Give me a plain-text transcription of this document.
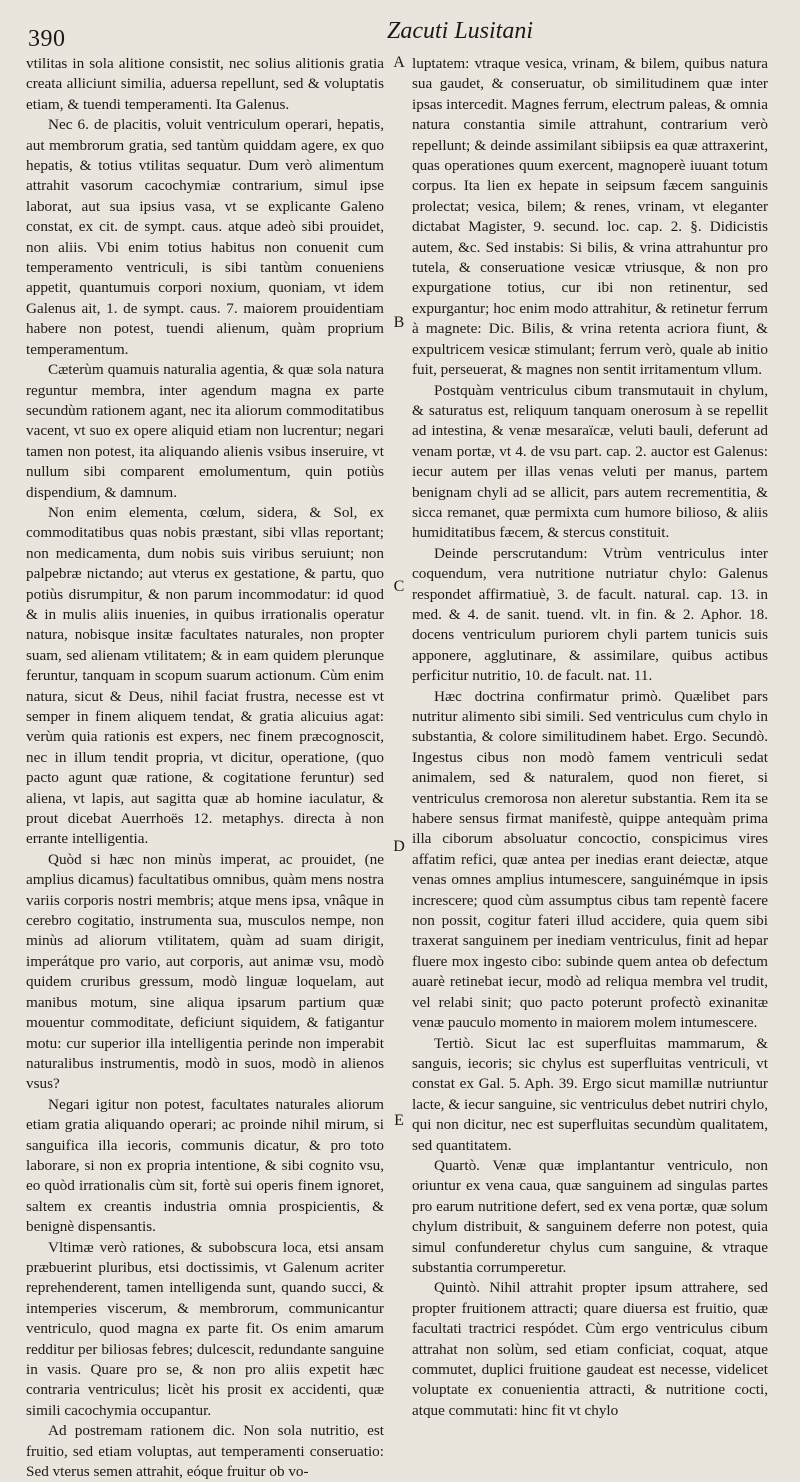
390	Zacuti Lusitani

vtilitas in sola alitione consistit, nec solius alitionis gratia creata alliciunt similia, aduersa repellunt, sed & voluptatis etiam, & tuendi temperamenti. Ita Galenus.

Nec 6. de placitis, voluit ventriculum operari, hepatis, aut membrorum gratia, sed tantùm quiddam agere, ex quo hepatis, & totius vtilitas sequatur. Dum verò alimentum attrahit vasorum cacochymiæ contrarium, simul ipse laborat, aut sua ipsius vasa, vt se explicante Galeno constat, ex cit. de sympt. caus. atque adeò sibi prouidet, non aliis. Vbi enim totius habitus non conuenit cum temperamento ventriculi, is sibi tantùm conueniens appetit, quantumuis corpori noxium, quoniam, vt idem Galenus ait, 1. de sympt. caus. 7. maiorem prouidentiam habere non potest, tuendi alienum, quàm proprium temperamentum.

Cæterùm quamuis naturalia agentia, & quæ sola natura reguntur membra, inter agendum magna ex parte secundùm rationem agant, nec ita aliorum commoditatibus vacent, vt suo ex opere aliquid etiam non lucrentur; negari tamen non potest, ita aliquando alienis vsibus inseruire, vt nullum sibi comparent emolumentum, quin potiùs dispendium, & damnum.

Non enim elementa, cœlum, sidera, & Sol, ex commoditatibus quas nobis præstant, sibi vllas reportant; non medicamenta, dum nobis suis viribus seruiunt; non palpebræ nictando; aut vterus ex gestatione, & partu, quo potiùs disrumpitur, & non parum incommodatur: id quod & in mulis aliis inuenies, in quibus irrationalis operatur natura, nobisque insitæ facultates naturales, non propter suam, sed alienam vtilitatem; & in eam quidem plerunque feruntur, tanquam in scopum suarum actionum. Cùm enim natura, sicut & Deus, nihil faciat frustra, necesse est vt semper in finem aliquem tendat, & gratia alicuius agat: verùm quia rationis est expers, nec finem præcognoscit, nec in illum tendit propria, vt dicitur, operatione, (quo pacto agunt quæ ratione, & cogitatione feruntur) sed aliena, vt lapis, aut sagitta quæ ab homine iaculatur, & prout dicebat Auerrhoës 12. metaphys. directa à non errante intelligentia.

Quòd si hæc non minùs imperat, ac prouidet, (ne amplius dicamus) facultatibus omnibus, quàm mens nostra variis corporis nostri membris; atque mens ipsa, vnâque in cerebro cogitatio, instrumenta sua, musculos nempe, non minùs ad aliorum vtilitatem, quàm ad suam dirigit, imperátque pro vario, aut corporis, aut animæ vsu, modò quidem cruribus gressum, modò linguæ loquelam, aut manibus motum, sine aliqua ipsarum partium quæ mouentur commoditate, deficiunt siquidem, & fatigantur motu: cur superior illa intelligentia perinde non imperabit naturalibus instrumentis, modò in suos, modò in alienos vsus?

Negari igitur non potest, facultates naturales aliorum etiam gratia aliquando operari; ac proinde nihil mirum, si sanguifica illa iecoris, communis dicatur, & pro toto laborare, si non ex propria intentione, & sibi cognito vsu, eo quòd irrationalis cùm sit, fortè sui operis finem ignoret, saltem ex creantis industria omnia prospicientis, & benignè dispensantis.

Vltimæ verò rationes, & subobscura loca, etsi ansam præbuerint pluribus, etsi doctissimis, vt Galenum acriter reprehenderent, tamen intelligenda sunt, quando succi, & intemperies viscerum, & membrorum, communicantur ventriculo, quod magna ex parte fit. Os enim amarum redditur per biliosas febres; dulcescit, redundante sanguine in vasis. Quare pro se, & non pro aliis expetit hæc contraria ventriculus; licèt his prosit ex accidenti, quæ simili cacochymia occupantur.

Ad postremam rationem dic. Non sola nutritio, est fruitio, sed etiam voluptas, aut temperamenti conseruatio: Sed vterus semen attrahit, eóque fruitur ob vo-

A
B
C
D
E

luptatem: vtraque vesica, vrinam, & bilem, quibus natura sua gaudet, & conseruatur, ob similitudinem quæ inter ipsas intercedit. Magnes ferrum, electrum paleas, & omnia natura constantia simile attrahunt, contrarium verò repellunt; & deinde assimilant sibiipsis ea quæ attraxerint, quas operationes quum exercent, magnoperè iuuant totum corpus. Ita lien ex hepate in seipsum fæcem sanguinis prolectat; vesica, bilem; & renes, vrinam, vt eleganter dictabat Magister, 9. secund. loc. cap. 2. §. Didicistis autem, &c. Sed instabis: Si bilis, & vrina attrahuntur pro tutela, & conseruatione vesicæ vtriusque, & non pro expurgatione totius, cur ibi non retinentur, sed expurgantur; hoc enim modo attrahitur, & retinetur ferrum à magnete: Dic. Bilis, & vrina retenta acriora fiunt, & expultricem vesicæ stimulant; ferrum verò, quale ab initio fuit, perseuerat, & magnes non sentit irritamentum vllum.

Postquàm ventriculus cibum transmutauit in chylum, & saturatus est, reliquum tanquam onerosum à se repellit ad intestina, & venæ mesaraïcæ, veluti bauli, deferunt ad venam portæ, vt 4. de vsu part. cap. 2. auctor est Galenus: iecur autem per illas venas veluti per manus, partem benignam chyli ad se allicit, pars autem recrementitia, & sicca remanet, quæ permixta cum humore bilioso, & aliis humiditatibus fæcem, & stercus constituit.

Deinde perscrutandum: Vtrùm ventriculus inter coquendum, vera nutritione nutriatur chylo: Galenus respondet affirmatiuè, 3. de facult. natural. cap. 13. in med. & 4. de sanit. tuend. vlt. in fin. & 2. Aphor. 18. docens ventriculum puriorem chyli partem tunicis suis apponere, agglutinare, & assimilare, quibus actibus perficitur nutritio, 10. de facult. nat. 11.

Hæc doctrina confirmatur primò. Quælibet pars nutritur alimento sibi simili. Sed ventriculus cum chylo in substantia, & colore similitudinem habet. Ergo. Secundò. Ingestus cibus non modò famem ventriculi sedat animalem, sed & naturalem, quod non fieret, si ventriculus cremorosa non aleretur substantia. Rem ita se habere sensus firmat manifestè, quippe antequàm prima illa ciborum absoluatur concoctio, conspicimus vires affatim refici, quæ antea per inedias erant deiectæ, atque venas omnes amplius intumescere, sanguinémque in ipsis increscere; quod cùm assumptus cibus tam repentè facere non possit, cogitur fateri illud accidere, quia quem sibi traxerat sanguinem per inediam ventriculus, finit ad hepar fluere mox ingesto cibo: subinde quem antea ob defectum auarè retinebat iecur, modò ad reliqua membra vel trudit, vel relabi sinit; quo pacto poterunt profectò exinanitæ venæ pauculo momento in maiorem molem intumescere.

Tertiò. Sicut lac est superfluitas mammarum, & sanguis, iecoris; sic chylus est superfluitas ventriculi, vt constat ex Gal. 5. Aph. 39. Ergo sicut mamillæ nutriuntur lacte, & iecur sanguine, sic ventriculus debet nutriri chylo, qui non dicitur, nec est superfluitas secundùm qualitatem, sed quantitatem.

Quartò. Venæ quæ implantantur ventriculo, non oriuntur ex vena caua, quæ sanguinem ad singulas partes pro earum nutritione defert, sed ex vena portæ, quæ solum chylum distribuit, & sanguinem deferre non potest, quia simul confunderetur chylus cum sanguine, & vtraque substantia corrumperetur.

Quintò. Nihil attrahit propter ipsum attrahere, sed propter fruitionem attracti; quare diuersa est fruitio, quæ facultati tractrici respódet. Cùm ergo ventriculus cibum attrahat non solùm, sed etiam conficiat, coquat, atque commutet, duplici fruitione gaudeat est necesse, videlicet voluptate ex conuenientia attracti, & nutritione cocti, atque commutati: hinc fit vt chylo
